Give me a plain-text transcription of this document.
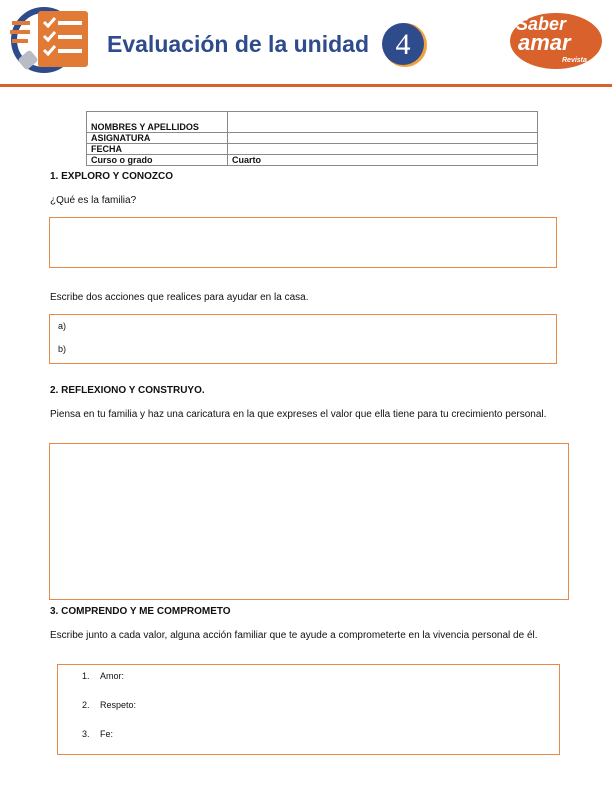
Evaluación de la unidad 4
Saber
amar
Revista
NOMBRES Y APELLIDOS	
ASIGNATURA	
FECHA	
Curso o grado	Cuarto
1. EXPLORO Y CONOZCO
¿Qué es la familia?
Escribe dos acciones que realices para ayudar en la casa.
a)
b)
2. REFLEXIONO Y CONSTRUYO.
Piensa en tu familia y haz una caricatura en la que expreses el valor que ella tiene para tu crecimiento personal.
3. COMPRENDO Y ME COMPROMETO
Escribe junto a cada valor, alguna acción familiar que te ayude a comprometerte en la vivencia personal de él.
1. Amor:
2. Respeto:
3. Fe:
